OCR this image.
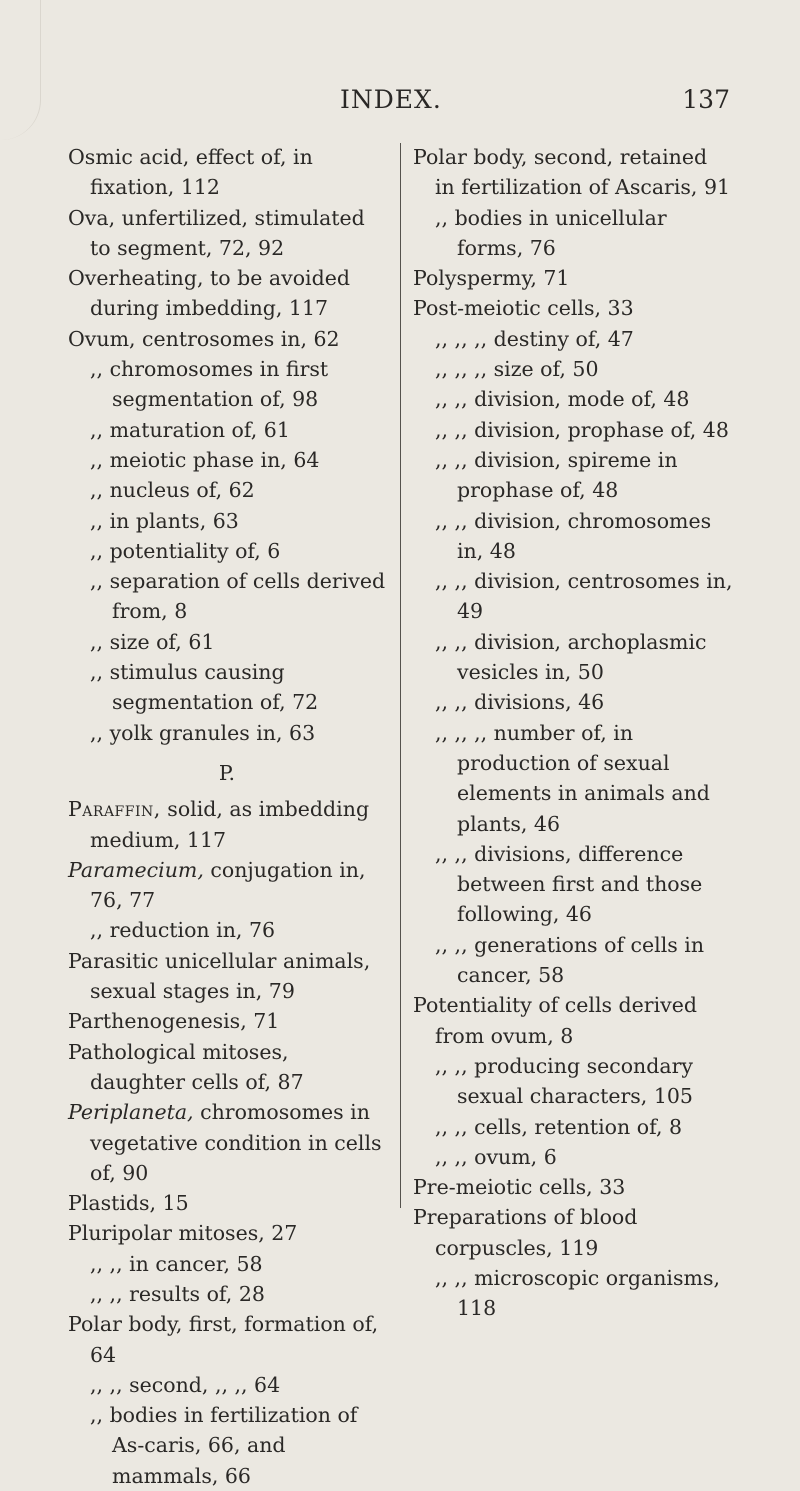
INDEX.	137

Osmic acid, effect of, in fixation, 112

Ova, unfertilized, stimulated to segment, 72, 92

Overheating, to be avoided during imbedding, 117

Ovum, centrosomes in, 62

,, chromosomes in first segmentation of, 98

,, maturation of, 61

,, meiotic phase in, 64

,, nucleus of, 62

,, in plants, 63

,, potentiality of, 6

,, separation of cells derived from, 8

,, size of, 61

,, stimulus causing segmentation of, 72

,, yolk granules in, 63

P.

Paraffin, solid, as imbedding medium, 117

Paramecium, conjugation in, 76, 77

,, reduction in, 76

Parasitic unicellular animals, sexual stages in, 79

Parthenogenesis, 71

Pathological mitoses, daughter cells of, 87

Periplaneta, chromosomes in vegetative condition in cells of, 90

Plastids, 15

Pluripolar mitoses, 27

,, ,, in cancer, 58

,, ,, results of, 28

Polar body, first, formation of, 64

,, ,, second, ,, ,, 64

,, bodies in fertilization of As-caris, 66, and mammals, 66

Polar body, second, retained in fertilization of Ascaris, 91

,, bodies in unicellular forms, 76

Polyspermy, 71

Post-meiotic cells, 33

,, ,, ,, destiny of, 47

,, ,, ,, size of, 50

,, ,, division, mode of, 48

,, ,, division, prophase of, 48

,, ,, division, spireme in prophase of, 48

,, ,, division, chromosomes in, 48

,, ,, division, centrosomes in, 49

,, ,, division, archoplasmic vesicles in, 50

,, ,, divisions, 46

,, ,, ,, number of, in production of sexual elements in animals and plants, 46

,, ,, divisions, difference between first and those following, 46

,, ,, generations of cells in cancer, 58

Potentiality of cells derived from ovum, 8

,, ,, producing secondary sexual characters, 105

,, ,, cells, retention of, 8

,, ,, ovum, 6

Pre-meiotic cells, 33

Preparations of blood corpuscles, 119

,, ,, microscopic organisms, 118
